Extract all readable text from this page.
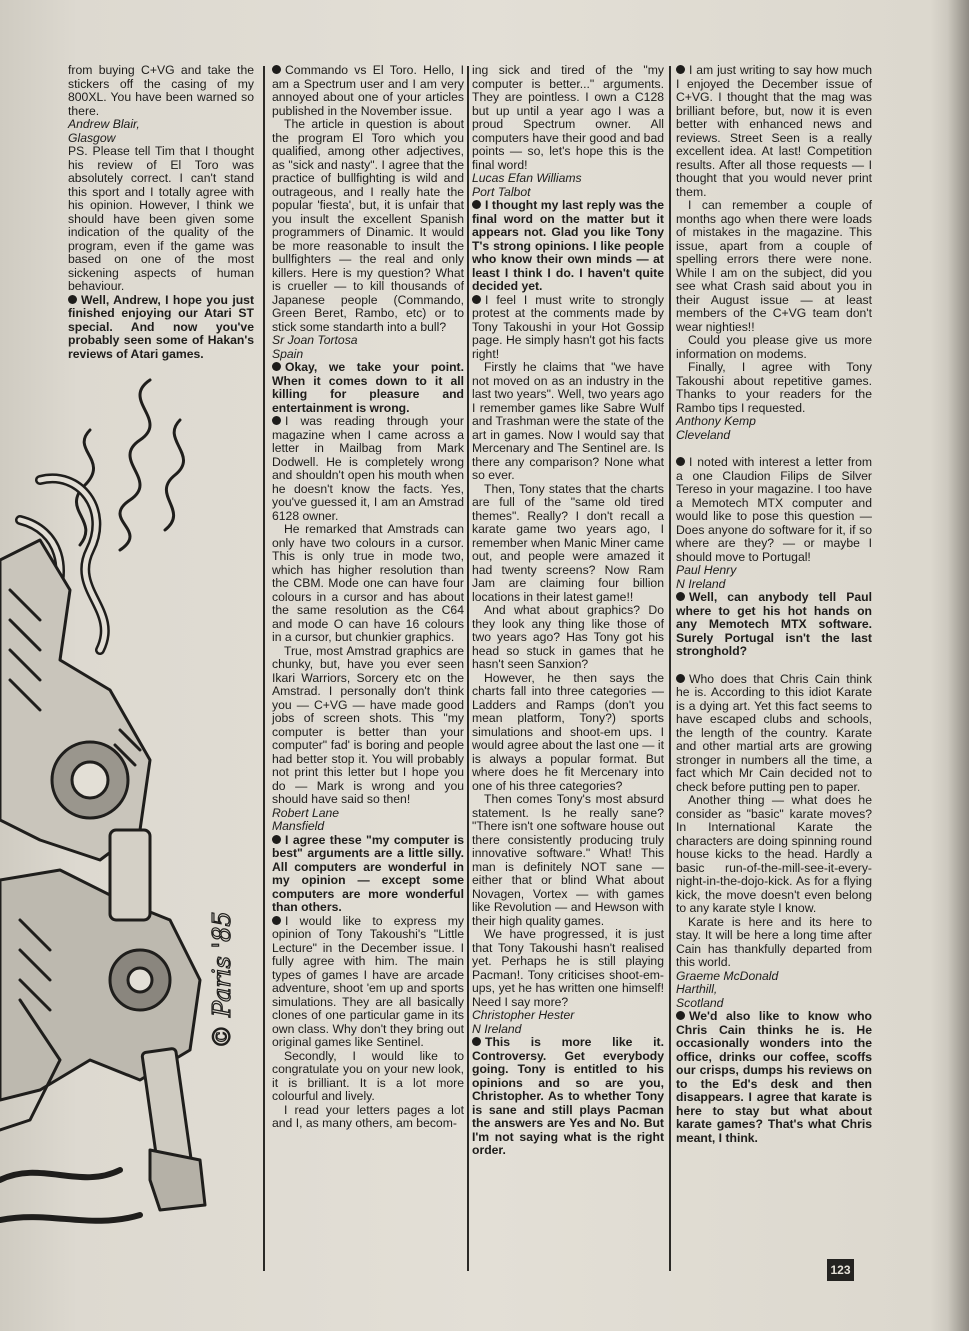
© Paris '85

from buying C+VG and take the stickers off the casing of my 800XL. You have been warned so there.

Andrew Blair,

Glasgow

PS. Please tell Tim that I thought his review of El Toro was absolutely correct. I can't stand this sport and I totally agree with his opinion. However, I think we should have been given some indication of the quality of the program, even if the game was based on one of the most sickening aspects of human behaviour.

Well, Andrew, I hope you just finished enjoying our Atari ST special. And now you've probably seen some of Hakan's reviews of Atari games.

Commando vs El Toro. Hello, I am a Spectrum user and I am very annoyed about one of your articles published in the November issue.

The article in question is about the program El Toro which you qualified, among other adjectives, as "sick and nasty". I agree that the practice of bullfighting is wild and outrageous, and I really hate the popular 'fiesta', but, it is unfair that you insult the excellent Spanish programmers of Dinamic. It would be more reasonable to insult the bullfighters — the real and only killers. Here is my question? What is crueller — to kill thousands of Japanese people (Commando, Green Beret, Rambo, etc) or to stick some standarth into a bull?

Sr Joan Tortosa

Spain

Okay, we take your point. When it comes down to it all killing for pleasure and entertainment is wrong.

I was reading through your magazine when I came across a letter in Mailbag from Mark Dodwell. He is completely wrong and shouldn't open his mouth when he doesn't know the facts. Yes, you've guessed it, I am an Amstrad 6128 owner.

He remarked that Amstrads can only have two colours in a cursor. This is only true in mode two, which has higher resolution than the CBM. Mode one can have four colours in a cursor and has about the same resolution as the C64 and mode O can have 16 colours in a cursor, but chunkier graphics.

True, most Amstrad graphics are chunky, but, have you ever seen Ikari Warriors, Sorcery etc on the Amstrad. I personally don't think you — C+VG — have made good jobs of screen shots. This "my computer is better than your computer" fad' is boring and people had better stop it. You will probably not print this letter but I hope you do — Mark is wrong and you should have said so then!

Robert Lane

Mansfield

I agree these "my computer is best" arguments are a little silly. All computers are wonderful in my opinion — except some computers are more wonderful than others.

I would like to express my opinion of Tony Takoushi's "Little Lecture" in the December issue. I fully agree with him. The main types of games I have are arcade adventure, shoot 'em up and sports simulations. They are all basically clones of one particular game in its own class. Why don't they bring out original games like Sentinel.

Secondly, I would like to congratulate you on your new look, it is brilliant. It is a lot more colourful and lively.

I read your letters pages a lot and I, as many others, am becom-

ing sick and tired of the "my computer is better..." arguments. They are pointless. I own a C128 but up until a year ago I was a proud Spectrum owner. All computers have their good and bad points — so, let's hope this is the final word!

Lucas Efan Williams

Port Talbot

I thought my last reply was the final word on the matter but it appears not. Glad you like Tony T's strong opinions. I like people who know their own minds — at least I think I do. I haven't quite decided yet.

I feel I must write to strongly protest at the comments made by Tony Takoushi in your Hot Gossip page. He simply hasn't got his facts right!

Firstly he claims that "we have not moved on as an industry in the last two years". Well, two years ago I remember games like Sabre Wulf and Trashman were the state of the art in games. Now I would say that Mercenary and The Sentinel are. Is there any comparison? None what so ever.

Then, Tony states that the charts are full of the "same old tired themes". Really? I don't recall a karate game two years ago, I remember when Manic Miner came out, and people were amazed it had twenty screens? Now Ram Jam are claiming four billion locations in their latest game!!

And what about graphics? Do they look any thing like those of two years ago? Has Tony got his head so stuck in games that he hasn't seen Sanxion?

However, he then says the charts fall into three categories — Ladders and Ramps (don't you mean platform, Tony?) sports simulations and shoot-em ups. I would agree about the last one — it is always a popular format. But where does he fit Mercenary into one of his three categories?

Then comes Tony's most absurd statement. Is he really sane? "There isn't one software house out there consistently producing truly innovative software." What! This man is definitely NOT sane — either that or blind What about Novagen, Vortex — with games like Revolution — and Hewson with their high quality games.

We have progressed, it is just that Tony Takoushi hasn't realised yet. Perhaps he is still playing Pacman!. Tony criticises shoot-em-ups, yet he has written one himself! Need I say more?

Christopher Hester

N Ireland

This is more like it. Controversy. Get everybody going. Tony is entitled to his opinions and so are you, Christopher. As to whether Tony is sane and still plays Pacman the answers are Yes and No. But I'm not saying what is the right order.

I am just writing to say how much I enjoyed the December issue of C+VG. I thought that the mag was brilliant before, but, now it is even better with enhanced news and reviews. Street Seen is a really excellent idea. At last! Competition results. After all those requests — I thought that you would never print them.

I can remember a couple of months ago when there were loads of mistakes in the magazine. This issue, apart from a couple of spelling errors there were none. While I am on the subject, did you see what Crash said about you in their August issue — at least members of the C+VG team don't wear nighties!!

Could you please give us more information on modems.

Finally, I agree with Tony Takoushi about repetitive games. Thanks to your readers for the Rambo tips I requested.

Anthony Kemp

Cleveland

I noted with interest a letter from a one Claudion Filips de Silver Tereso in your magazine. I too have a Memotech MTX computer and would like to pose this question — Does anyone do software for it, if so where are they? — or maybe I should move to Portugal!

Paul Henry

N Ireland

Well, can anybody tell Paul where to get his hot hands on any Memotech MTX software. Surely Portugal isn't the last stronghold?

Who does that Chris Cain think he is. According to this idiot Karate is a dying art. Yet this fact seems to have escaped clubs and schools, the length of the country. Karate and other martial arts are growing stronger in numbers all the time, a fact which Mr Cain decided not to check before putting pen to paper.

Another thing — what does he consider as "basic" karate moves? In International Karate the characters are doing spinning round house kicks to the head. Hardly a basic run-of-the-mill-see-it-every-night-in-the-dojo-kick. As for a flying kick, the move doesn't even belong to any karate style I know.

Karate is here and its here to stay. It will be here a long time after Cain has thankfully departed from this world.

Graeme McDonald

Harthill,

Scotland

We'd also like to know who Chris Cain thinks he is. He occasionally wonders into the office, drinks our coffee, scoffs our crisps, dumps his reviews on to the Ed's desk and then disappears. I agree that karate is here to stay but what about karate games? That's what Chris meant, I think.

123
